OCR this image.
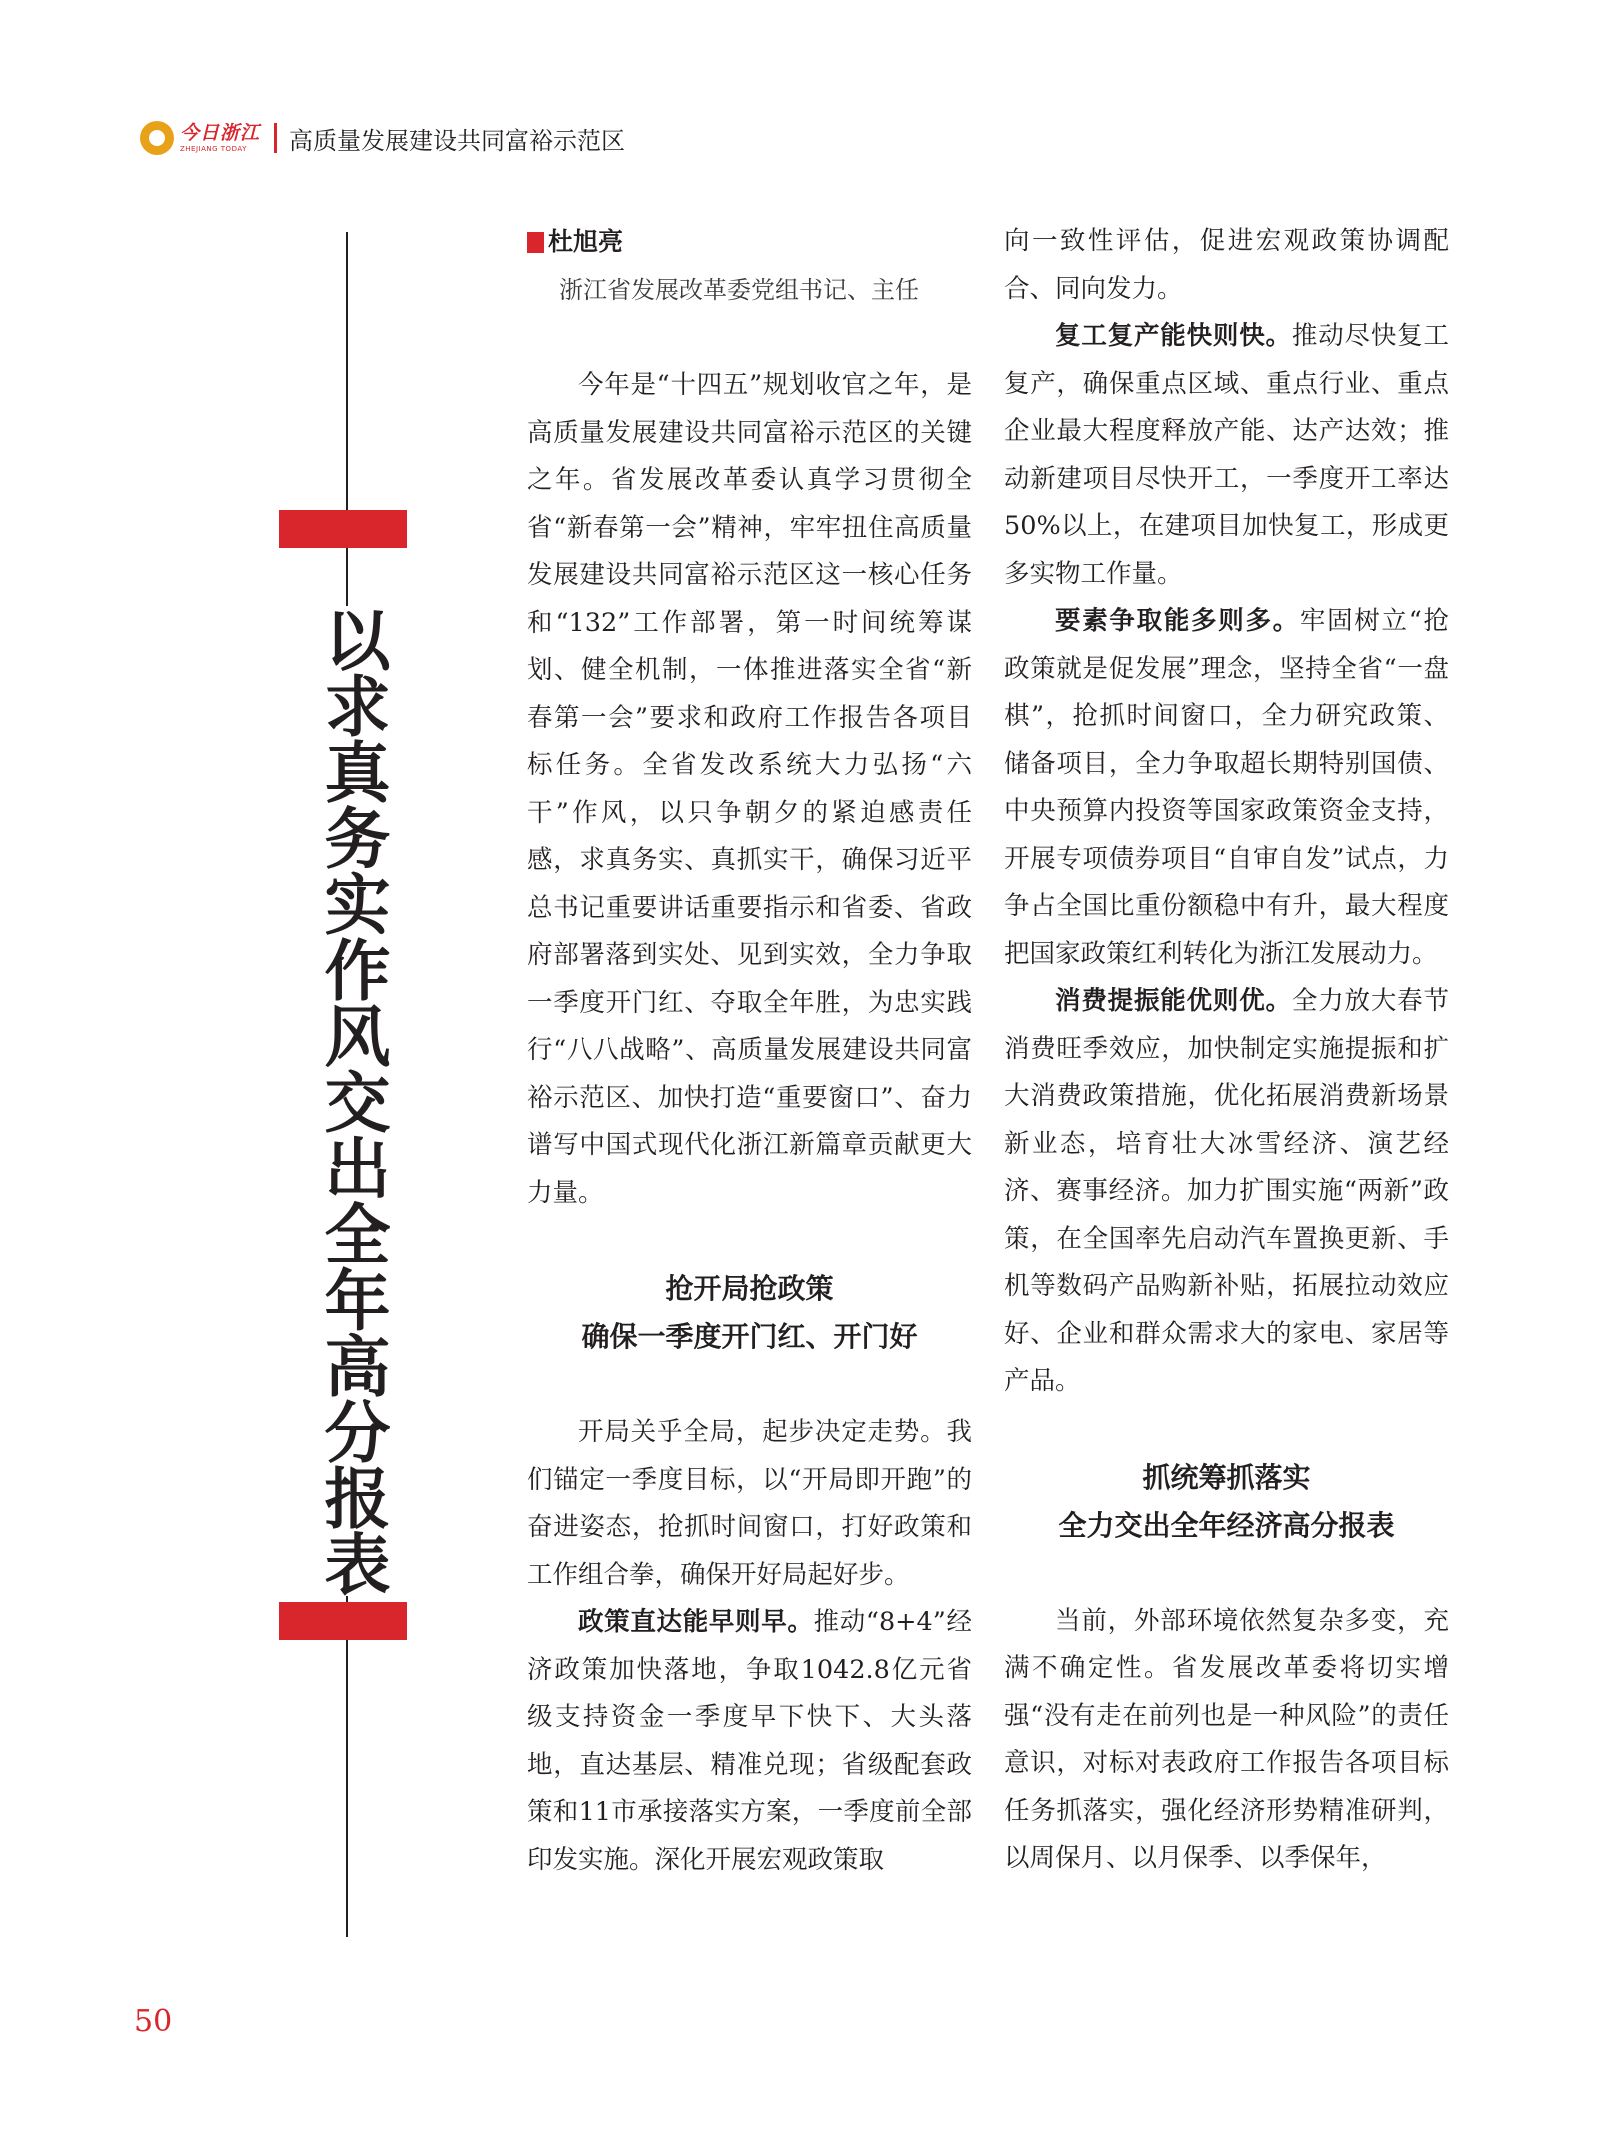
今日浙江
ZHEJIANG TODAY	高质量发展建设共同富裕示范区
以求真务实作风交出全年高分报表
杜旭亮
浙江省发展改革委党组书记、主任

今年是“十四五”规划收官之年，是高质量发展建设共同富裕示范区的关键之年。省发展改革委认真学习贯彻全省“新春第一会”精神，牢牢扭住高质量发展建设共同富裕示范区这一核心任务和“132”工作部署，第一时间统筹谋划、健全机制，一体推进落实全省“新春第一会”要求和政府工作报告各项目标任务。全省发改系统大力弘扬“六干”作风，以只争朝夕的紧迫感责任感，求真务实、真抓实干，确保习近平总书记重要讲话重要指示和省委、省政府部署落到实处、见到实效，全力争取一季度开门红、夺取全年胜，为忠实践行“八八战略”、高质量发展建设共同富裕示范区、加快打造“重要窗口”、奋力谱写中国式现代化浙江新篇章贡献更大力量。

抢开局抢政策

确保一季度开门红、开门好

开局关乎全局，起步决定走势。我们锚定一季度目标，以“开局即开跑”的奋进姿态，抢抓时间窗口，打好政策和工作组合拳，确保开好局起好步。

政策直达能早则早。推动“8+4”经济政策加快落地，争取1042.8亿元省级支持资金一季度早下快下、大头落地，直达基层、精准兑现；省级配套政策和11市承接落实方案，一季度前全部印发实施。深化开展宏观政策取

向一致性评估，促进宏观政策协调配合、同向发力。

复工复产能快则快。推动尽快复工复产，确保重点区域、重点行业、重点企业最大程度释放产能、达产达效；推动新建项目尽快开工，一季度开工率达50%以上，在建项目加快复工，形成更多实物工作量。

要素争取能多则多。牢固树立“抢政策就是促发展”理念，坚持全省“一盘棋”，抢抓时间窗口，全力研究政策、储备项目，全力争取超长期特别国债、中央预算内投资等国家政策资金支持，开展专项债券项目“自审自发”试点，力争占全国比重份额稳中有升，最大程度把国家政策红利转化为浙江发展动力。

消费提振能优则优。全力放大春节消费旺季效应，加快制定实施提振和扩大消费政策措施，优化拓展消费新场景新业态，培育壮大冰雪经济、演艺经济、赛事经济。加力扩围实施“两新”政策，在全国率先启动汽车置换更新、手机等数码产品购新补贴，拓展拉动效应好、企业和群众需求大的家电、家居等产品。

抓统筹抓落实

全力交出全年经济高分报表

当前，外部环境依然复杂多变，充满不确定性。省发展改革委将切实增强“没有走在前列也是一种风险”的责任意识，对标对表政府工作报告各项目标任务抓落实，强化经济形势精准研判，以周保月、以月保季、以季保年，

50
